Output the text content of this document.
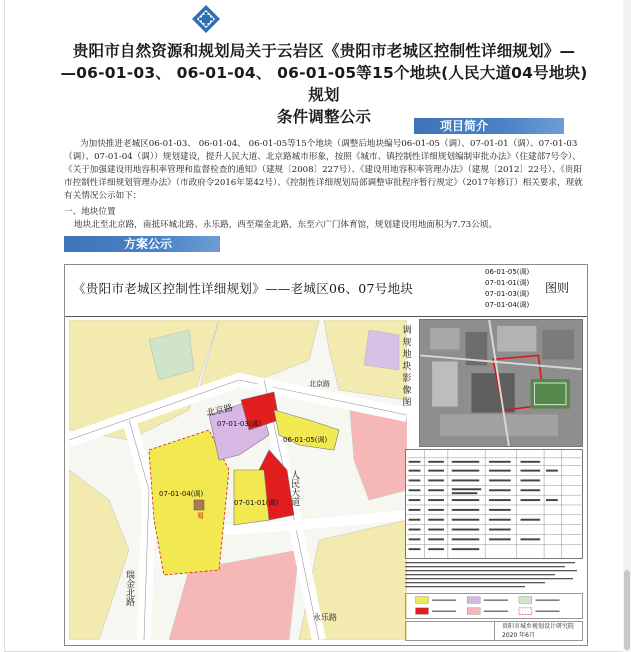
贵阳市自然资源和规划局关于云岩区《贵阳市老城区控制性详细规划》—
—06-01-03、 06-01-04、 06-01-05等15个地块(人民大道04号地块)规划
条件调整公示	项目简介
为加快推进老城区06-01-03、 06-01-04、 06-01-05等15个地块（调整后地块编号06-01-05（调）、07-01-01（调）、07-01-03（调）、07-01-04（调））规划建设，提升人民大道、北京路城市形象，按照《城市、镇控制性详细规划编制审批办法》（住建部7号令）、《关于加强建设用地容积率管理和监督检查的通知》（建规〔2008〕227号）、《建设用地容积率管理办法》（建规〔2012〕22号）、《贵阳市控制性详细规划管理办法》（市政府令2016年第42号）、《控制性详细规划局部调整审批程序暂行规定》（2017年修订）相关要求，现就有关情况公示如下：
一、地块位置
地块北至北京路，南抵环城北路、永乐路，西至瑞金北路，东至六广门体育馆，规划建设用地面积为7.73公顷。
方案公示
《贵阳市老城区控制性详细规划》——老城区06、07号地块
06-01-05(调)
07-01-01(调)
07-01-03(调)
07-01-04(调)
图则
北京路
人民大道
瑞金北路
永乐路
北京路
07-01-03(调)
06-01-05(调)
07-01-04(调)
07-01-01(调)
易
调规地块影像图
贵阳市城乡规划设计研究院
2020 年6月
